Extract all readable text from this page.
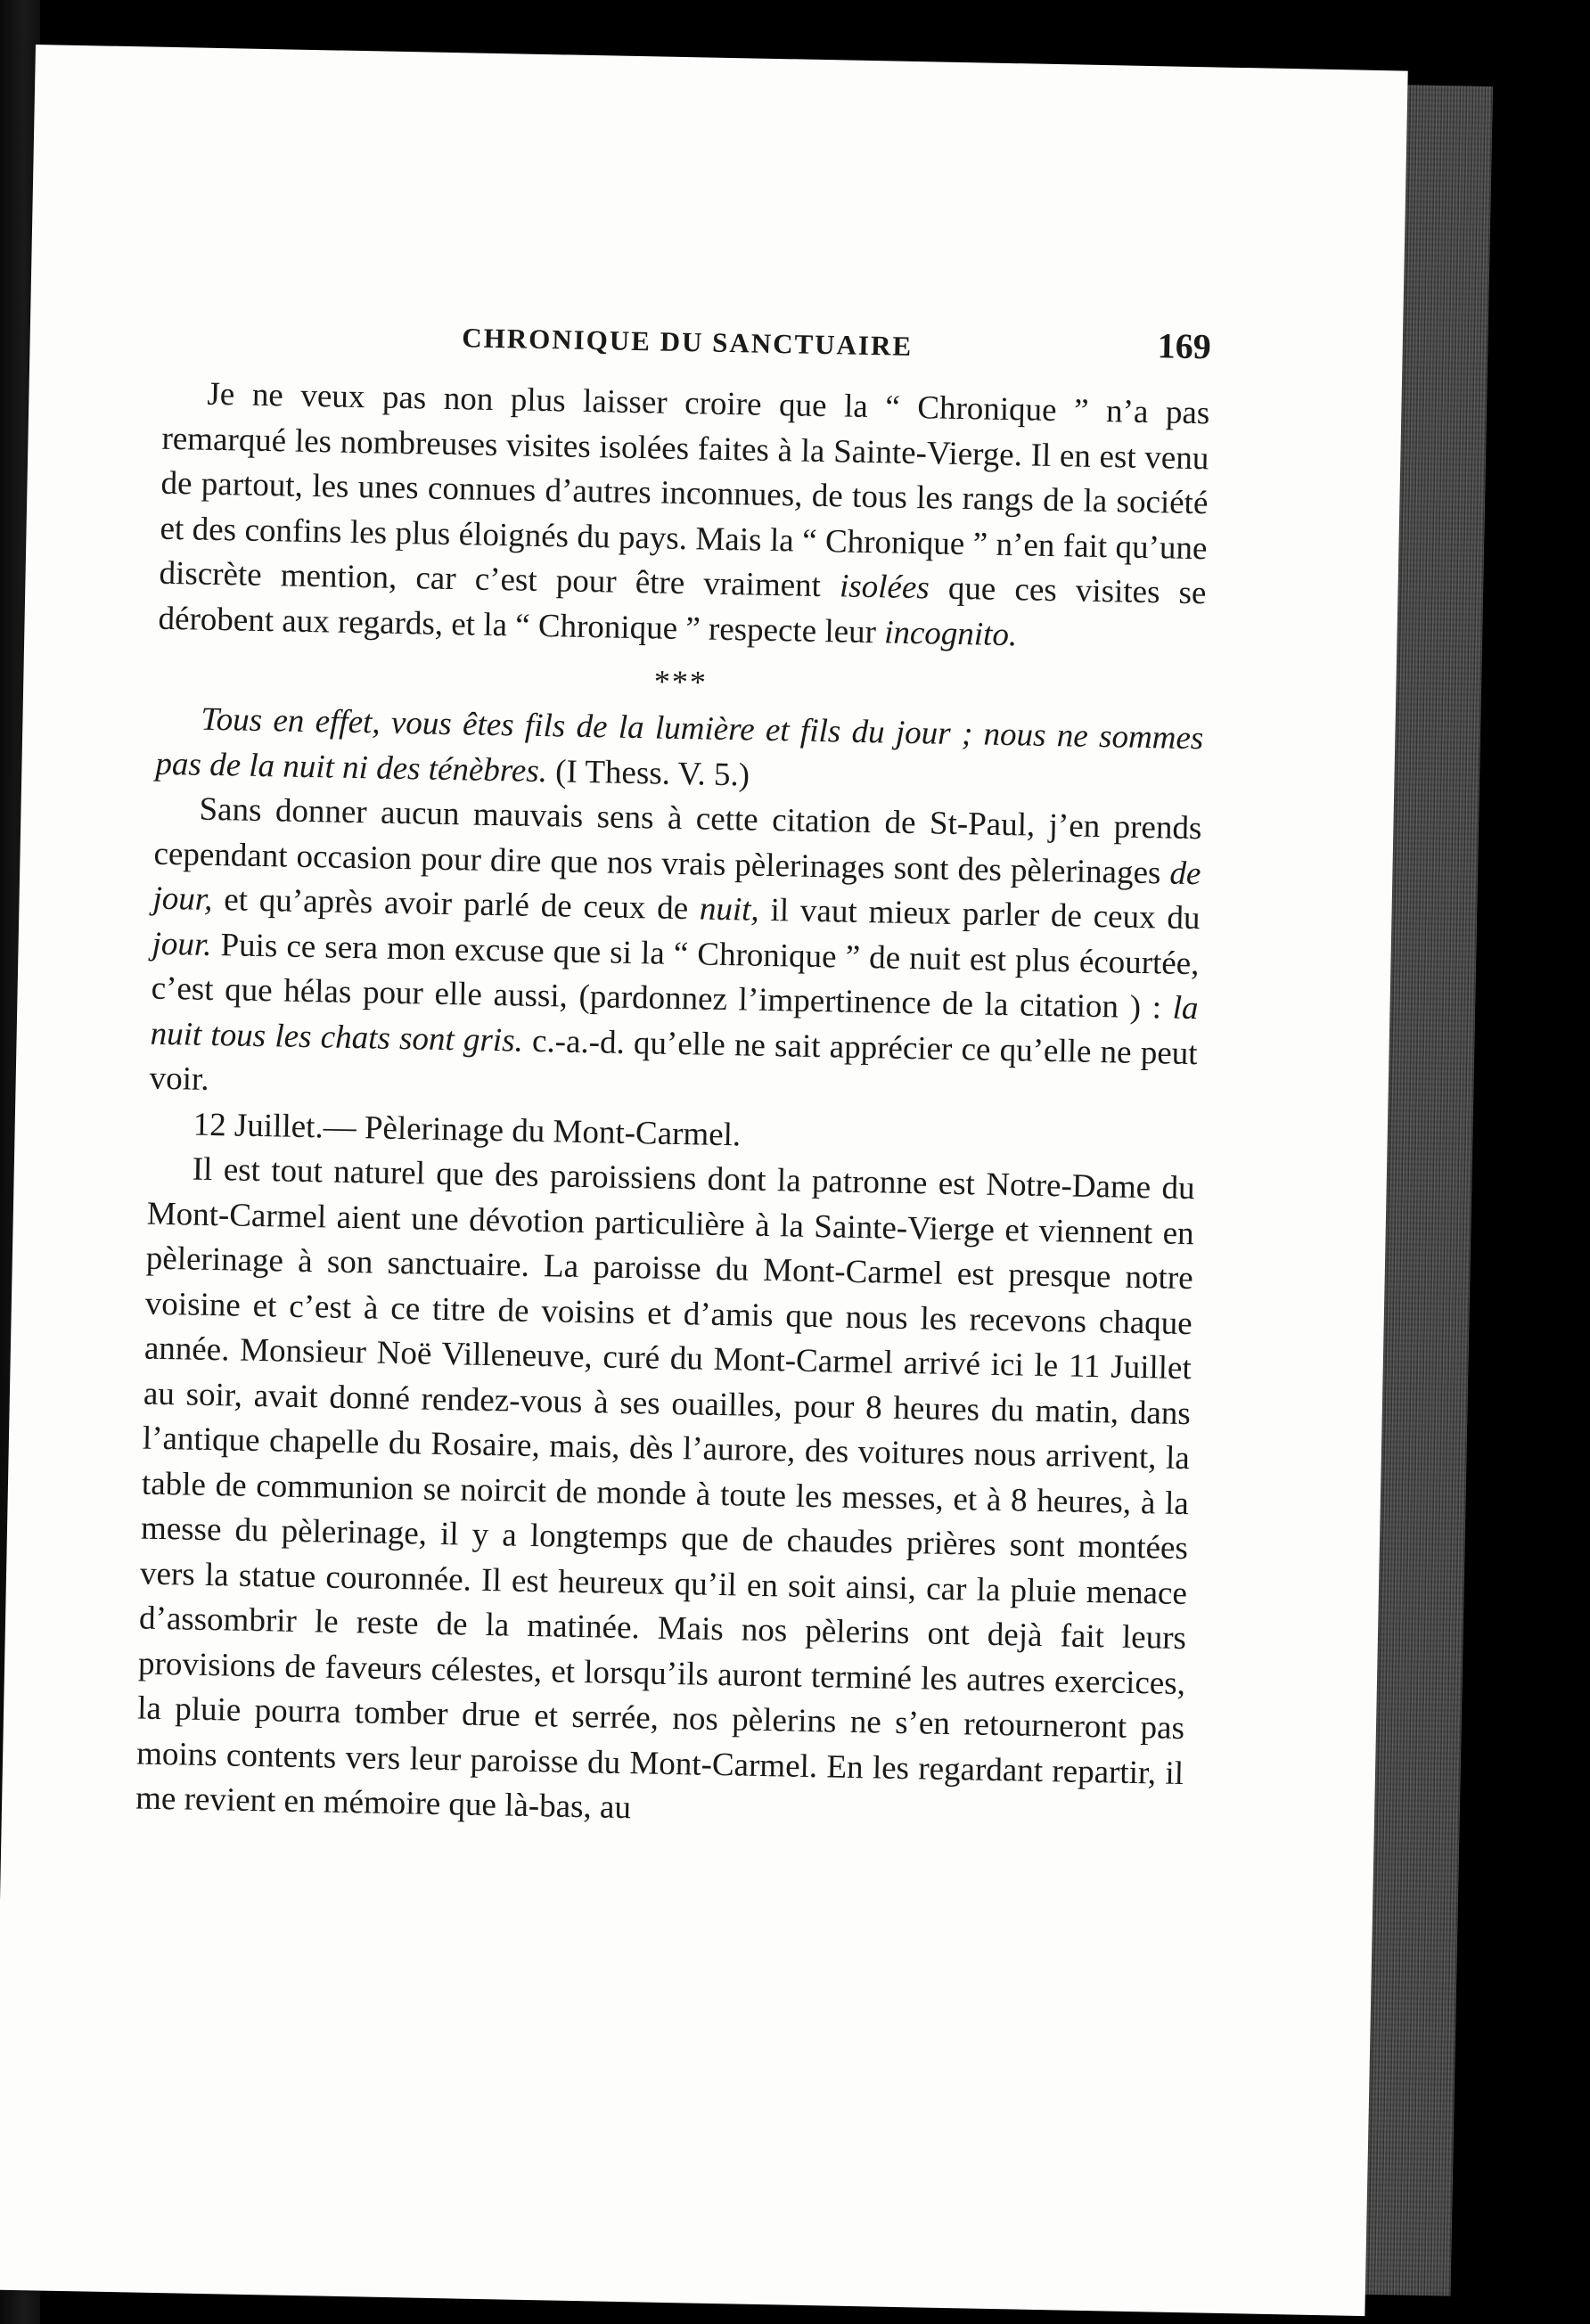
CHRONIQUE DU SANCTUAIRE	169

Je ne veux pas non plus laisser croire que la “ Chronique ” n’a pas remarqué les nombreuses visites isolées faites à la Sainte-Vierge. Il en est venu de partout, les unes connues d’autres inconnues, de tous les rangs de la société et des confins les plus éloignés du pays. Mais la “ Chronique ” n’en fait qu’une discrète mention, car c’est pour être vraiment isolées que ces visites se dérobent aux regards, et la “ Chronique ” respecte leur incognito.

***

Tous en effet, vous êtes fils de la lumière et fils du jour ; nous ne sommes pas de la nuit ni des ténèbres. (I Thess. V. 5.)

Sans donner aucun mauvais sens à cette citation de St-Paul, j’en prends cependant occasion pour dire que nos vrais pèlerinages sont des pèlerinages de jour, et qu’après avoir parlé de ceux de nuit, il vaut mieux parler de ceux du jour. Puis ce sera mon excuse que si la “ Chronique ” de nuit est plus écourtée, c’est que hélas pour elle aussi, (pardonnez l’impertinence de la citation ) : la nuit tous les chats sont gris. c.-a.-d. qu’elle ne sait apprécier ce qu’elle ne peut voir.

12 Juillet.— Pèlerinage du Mont-Carmel.

Il est tout naturel que des paroissiens dont la patronne est Notre-Dame du Mont-Carmel aient une dévotion particulière à la Sainte-Vierge et viennent en pèlerinage à son sanctuaire. La paroisse du Mont-Carmel est presque notre voisine et c’est à ce titre de voisins et d’amis que nous les recevons chaque année. Monsieur Noë Villeneuve, curé du Mont-Carmel arrivé ici le 11 Juillet au soir, avait donné rendez-vous à ses ouailles, pour 8 heures du matin, dans l’antique chapelle du Rosaire, mais, dès l’aurore, des voitures nous arrivent, la table de communion se noircit de monde à toute les messes, et à 8 heures, à la messe du pèlerinage, il y a longtemps que de chaudes prières sont montées vers la statue couronnée. Il est heureux qu’il en soit ainsi, car la pluie menace d’assombrir le reste de la matinée. Mais nos pèlerins ont dejà fait leurs provisions de faveurs célestes, et lorsqu’ils auront terminé les autres exercices, la pluie pourra tomber drue et serrée, nos pèlerins ne s’en retourneront pas moins contents vers leur paroisse du Mont-Carmel. En les regardant repartir, il me revient en mémoire que là-bas, au
